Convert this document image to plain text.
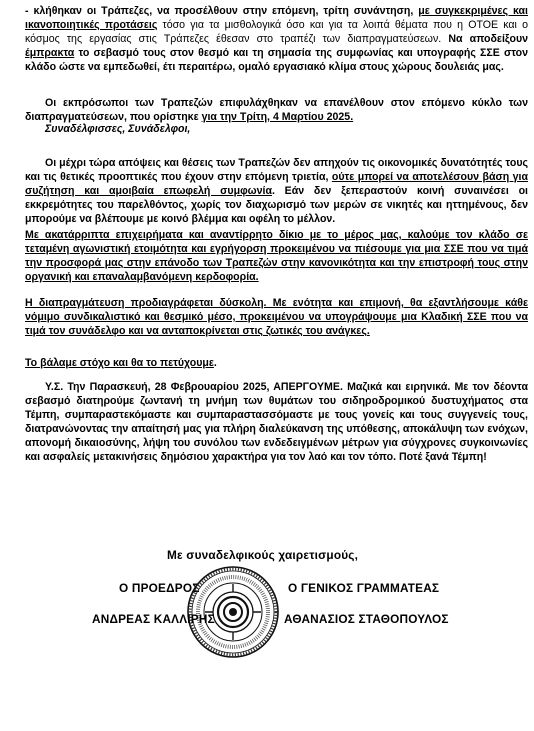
- κλήθηκαν οι Τράπεζες, να προσέλθουν στην επόμενη, τρίτη συνάντηση, με συγκεκριμένες και ικανοποιητικές προτάσεις τόσο για τα μισθολογικά όσο και για τα λοιπά θέματα που η ΟΤΟΕ και ο κόσμος της εργασίας στις Τράπεζες έθεσαν στο τραπέζι των διαπραγματεύσεων. Να αποδείξουν έμπρακτα το σεβασμό τους στον θεσμό και τη σημασία της συμφωνίας και υπογραφής ΣΣΕ στον κλάδο ώστε να εμπεδωθεί, έτι περαιτέρω, ομαλό εργασιακό κλίμα στους χώρους δουλειάς μας.

Οι εκπρόσωποι των Τραπεζών επιφυλάχθηκαν να επανέλθουν στον επόμενο κύκλο των διαπραγματεύσεων, που ορίστηκε για την Τρίτη, 4 Μαρτίου 2025.

Συναδέλφισσες, Συνάδελφοι,

Οι μέχρι τώρα απόψεις και θέσεις των Τραπεζών δεν απηχούν τις οικονομικές δυνατότητές τους και τις θετικές προοπτικές που έχουν στην επόμενη τριετία, ούτε μπορεί να αποτελέσουν βάση για συζήτηση και αμοιβαία επωφελή συμφωνία. Εάν δεν ξεπεραστούν κοινή συναινέσει οι εκκρεμότητες του παρελθόντος, χωρίς τον διαχωρισμό των μερών σε νικητές και ηττημένους, δεν μπορούμε να βλέπουμε με κοινό βλέμμα και οφέλη το μέλλον.

Με ακατάρριπτα επιχειρήματα και αναντίρρητο δίκιο με το μέρος μας, καλούμε τον κλάδο σε τεταμένη αγωνιστική ετοιμότητα και εγρήγορση προκειμένου να πιέσουμε για μια ΣΣΕ που να τιμά την προσφορά μας στην επάνοδο των Τραπεζών στην κανονικότητα και την επιστροφή τους στην οργανική και επαναλαμβανόμενη κερδοφορία.

Η διαπραγμάτευση προδιαγράφεται δύσκολη. Με ενότητα και επιμονή, θα εξαντλήσουμε κάθε νόμιμο συνδικαλιστικό και θεσμικό μέσο, προκειμένου να υπογράψουμε μια Κλαδική ΣΣΕ που να τιμά τον συνάδελφο και να ανταποκρίνεται στις ζωτικές του ανάγκες.

Το βάλαμε στόχο και θα το πετύχουμε.

Υ.Σ. Την Παρασκευή, 28 Φεβρουαρίου 2025, ΑΠΕΡΓΟΥΜΕ. Μαζικά και ειρηνικά. Με τον δέοντα σεβασμό διατηρούμε ζωντανή τη μνήμη των θυμάτων του σιδηροδρομικού δυστυχήματος στα Τέμπη, συμπαραστεκόμαστε και συμπαραστασσόμαστε με τους γονείς και τους συγγενείς τους, διατρανώνοντας την απαίτησή μας για πλήρη διαλεύκανση της υπόθεσης, αποκάλυψη των ενόχων, απονομή δικαιοσύνης, λήψη του συνόλου των ενδεδειγμένων μέτρων για σύγχρονες συγκοινωνίες και ασφαλείς μετακινήσεις δημόσιου χαρακτήρα για τον λαό και τον τόπο. Ποτέ ξανά Τέμπη!

Με συναδελφικούς χαιρετισμούς,
Ο ΠΡΟΕΔΡΟΣ	Ο ΓΕΝΙΚΟΣ ΓΡΑΜΜΑΤΕΑΣ
ΑΝΔΡΕΑΣ ΚΑΛΛΙΡΗΣ	ΑΘΑΝΑΣΙΟΣ ΣΤΑΘΟΠΟΥΛΟΣ
